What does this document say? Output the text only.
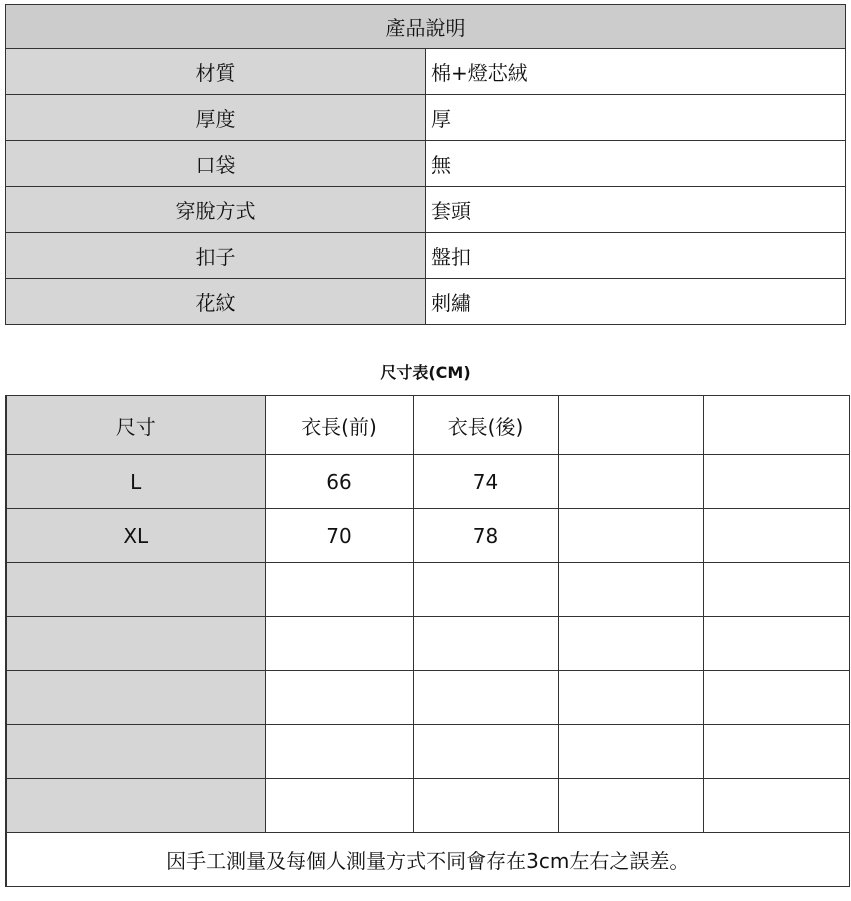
產品說明	
材質	棉+燈芯絨
厚度	厚
口袋	無
穿脫方式	套頭
扣子	盤扣
花紋	刺繡
尺寸表(CM)
尺寸	衣長(前)	衣長(後)		
L	66	74		
XL	70	78		

因手工測量及每個人測量方式不同會存在3cm左右之誤差。				
